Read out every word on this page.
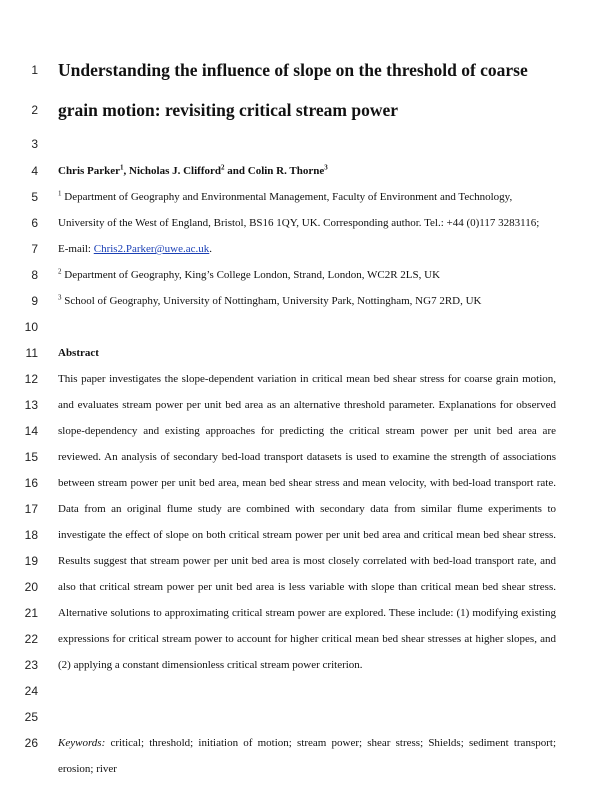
1
2
3
4
5
6
7
8
9
10
11
12
13
14
15
16
17
18
19
20
21
22
23
24
25
26
Understanding the influence of slope on the threshold of coarse
grain motion: revisiting critical stream power
Chris Parker$^1$, Nicholas J. Clifford$^2$ and Colin R. Thorne$^3$
$^1$ Department of Geography and Environmental Management, Faculty of Environment and Technology,
University of the West of England, Bristol, BS16 1QY, UK. Corresponding author. Tel.: +44 (0)117 3283116;
E-mail: Chris2.Parker@uwe.ac.uk.
$^2$ Department of Geography, King’s College London, Strand, London, WC2R 2LS, UK
$^3$ School of Geography, University of Nottingham, University Park, Nottingham, NG7 2RD, UK
Abstract
This paper investigates the slope-dependent variation in critical mean bed shear stress for coarse grain motion,
and evaluates stream power per unit bed area as an alternative threshold parameter. Explanations for observed
slope-dependency and existing approaches for predicting the critical stream power per unit bed area are
reviewed. An analysis of secondary bed-load transport datasets is used to examine the strength of associations
between stream power per unit bed area, mean bed shear stress and mean velocity, with bed-load transport rate.
Data from an original flume study are combined with secondary data from similar flume experiments to
investigate the effect of slope on both critical stream power per unit bed area and critical mean bed shear stress.
Results suggest that stream power per unit bed area is most closely correlated with bed-load transport rate, and
also that critical stream power per unit bed area is less variable with slope than critical mean bed shear stress.
Alternative solutions to approximating critical stream power are explored. These include: (1) modifying existing
expressions for critical stream power to account for higher critical mean bed shear stresses at higher slopes, and
(2) applying a constant dimensionless critical stream power criterion.
Keywords: critical; threshold; initiation of motion; stream power; shear stress; Shields; sediment transport;
erosion; river
